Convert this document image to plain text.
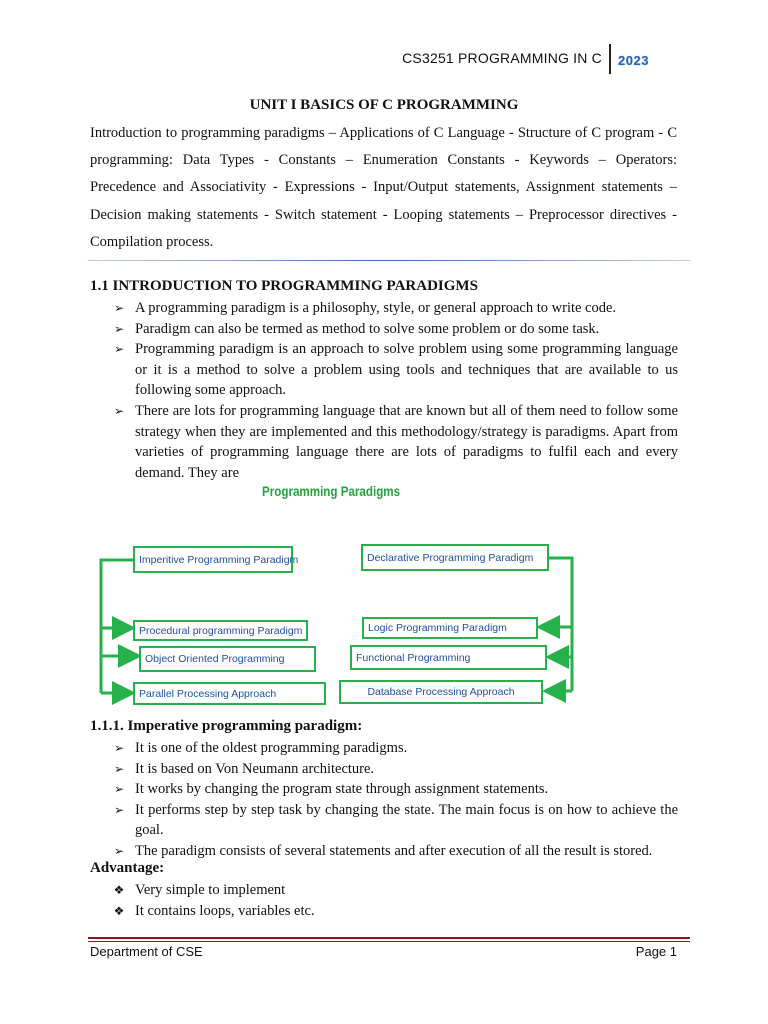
CS3251 PROGRAMMING IN C 2023
UNIT I BASICS OF C PROGRAMMING
Introduction to programming paradigms – Applications of C Language - Structure of C program - C programming: Data Types - Constants – Enumeration Constants - Keywords – Operators: Precedence and Associativity - Expressions - Input/Output statements, Assignment statements – Decision making statements - Switch statement - Looping statements – Preprocessor directives - Compilation process.
1.1 INTRODUCTION TO PROGRAMMING PARADIGMS
➢ A programming paradigm is a philosophy, style, or general approach to write code.
➢ Paradigm can also be termed as method to solve some problem or do some task.
➢ Programming paradigm is an approach to solve problem using some programming language or it is a method to solve a problem using tools and techniques that are available to us following some approach.
➢ There are lots for programming language that are known but all of them need to follow some strategy when they are implemented and this methodology/strategy is paradigms. Apart from varieties of programming language there are lots of paradigms to fulfil each and every demand. They are
Programming Paradigms
Imperitive Programming Paradigm	Declarative Programming Paradigm
Procedural programming Paradigm
Object Oriented Programming
Parallel Processing Approach
Logic Programming Paradigm
Functional Programming
Database Processing Approach
1.1.1. Imperative programming paradigm:
➢ It is one of the oldest programming paradigms.
➢ It is based on Von Neumann architecture.
➢ It works by changing the program state through assignment statements.
➢ It performs step by step task by changing the state. The main focus is on how to achieve the goal.
➢ The paradigm consists of several statements and after execution of all the result is stored.
Advantage:
❖ Very simple to implement
❖ It contains loops, variables etc.
Department of CSE	Page 1
